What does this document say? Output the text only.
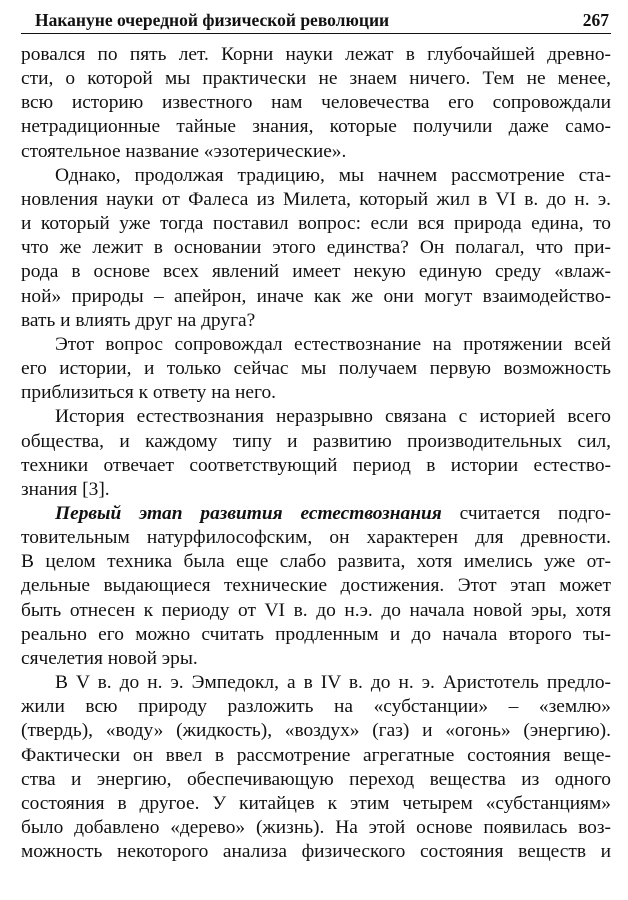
Накануне очередной физической революции	267

ровался по пять лет. Корни науки лежат в глубочайшей древно-
сти, о которой мы практически не знаем ничего. Тем не менее,
всю историю известного нам человечества его сопровождали
нетрадиционные тайные знания, которые получили даже само-
стоятельное название «эзотерические».

Однако, продолжая традицию, мы начнем рассмотрение ста-
новления науки от Фалеса из Милета, который жил в VI в. до н. э.
и который уже тогда поставил вопрос: если вся природа едина, то
что же лежит в основании этого единства? Он полагал, что при-
рода в основе всех явлений имеет некую единую среду «влаж-
ной» природы – апейрон, иначе как же они могут взаимодейство-
вать и влиять друг на друга?

Этот вопрос сопровождал естествознание на протяжении всей
его истории, и только сейчас мы получаем первую возможность
приблизиться к ответу на него.

История естествознания неразрывно связана с историей всего
общества, и каждому типу и развитию производительных сил,
техники отвечает соответствующий период в истории естество-
знания [3].

Первый этап развития естествознания считается подго-
товительным натурфилософским, он характерен для древности.
В целом техника была еще слабо развита, хотя имелись уже от-
дельные выдающиеся технические достижения. Этот этап может
быть отнесен к периоду от VI в. до н.э. до начала новой эры, хотя
реально его можно считать продленным и до начала второго ты-
сячелетия новой эры.

В V в. до н. э. Эмпедокл, а в IV в. до н. э. Аристотель предло-
жили всю природу разложить на «субстанции» – «землю»
(твердь), «воду» (жидкость), «воздух» (газ) и «огонь» (энергию).
Фактически он ввел в рассмотрение агрегатные состояния веще-
ства и энергию, обеспечивающую переход вещества из одного
состояния в другое. У китайцев к этим четырем «субстанциям»
было добавлено «дерево» (жизнь). На этой основе появилась воз-
можность некоторого анализа физического состояния веществ и
